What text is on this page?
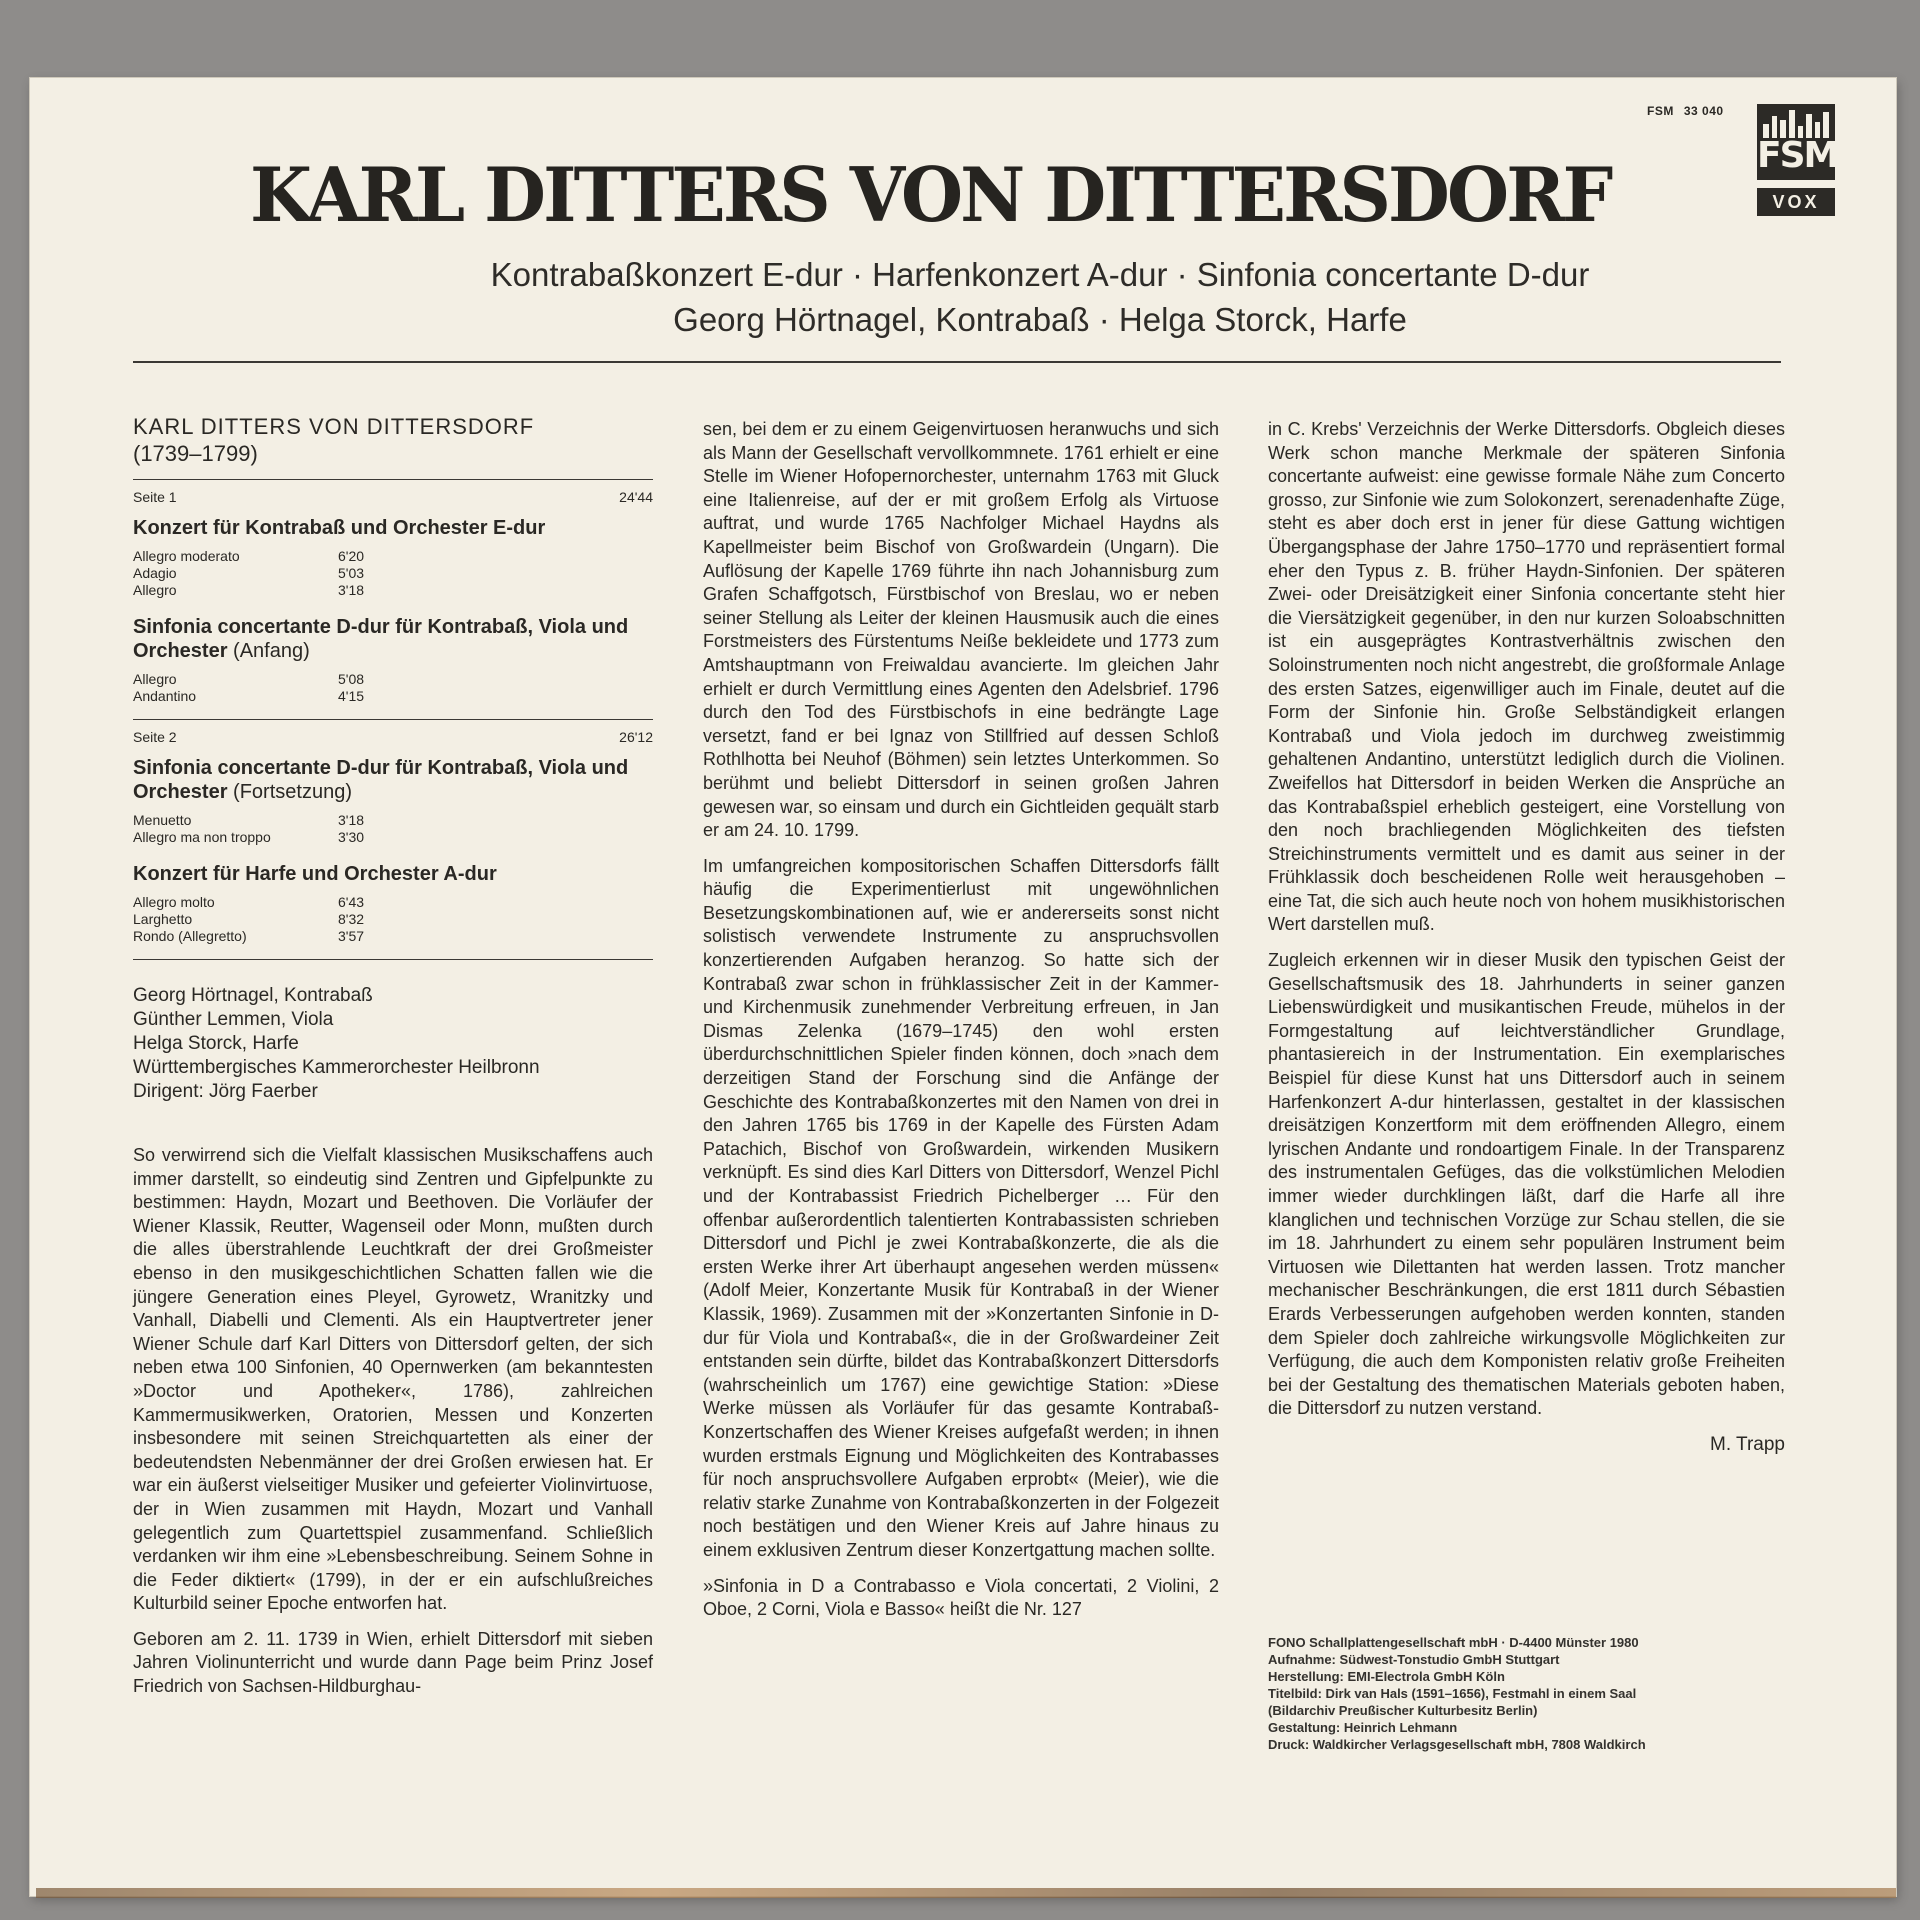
FSM 33 040
FSM
VOX
KARL DITTERS VON DITTERSDORF
Kontrabaßkonzert E-dur · Harfenkonzert A-dur · Sinfonia concertante D-dur
Georg Hörtnagel, Kontrabaß · Helga Storck, Harfe

KARL DITTERS VON DITTERSDORF

(1739–1799)

Seite 1	24'44
Konzert für Kontrabaß und Orchester E-dur
Allegro moderato	6'20
Adagio	5'03
Allegro	3'18
Sinfonia concertante D-dur für Kontrabaß, Viola und Orchester (Anfang)
Allegro	5'08
Andantino	4'15
Seite 2	26'12
Sinfonia concertante D-dur für Kontrabaß, Viola und Orchester (Fortsetzung)
Menuetto	3'18
Allegro ma non troppo	3'30
Konzert für Harfe und Orchester A-dur
Allegro molto	6'43
Larghetto	8'32
Rondo (Allegretto)	3'57
Georg Hörtnagel, Kontrabaß
Günther Lemmen, Viola
Helga Storck, Harfe
Württembergisches Kammerorchester Heilbronn
Dirigent: Jörg Faerber

So verwirrend sich die Vielfalt klassischen Musikschaffens auch immer darstellt, so eindeutig sind Zentren und Gipfelpunkte zu bestimmen: Haydn, Mozart und Beethoven. Die Vorläufer der Wiener Klassik, Reutter, Wagenseil oder Monn, mußten durch die alles überstrahlende Leuchtkraft der drei Großmeister ebenso in den musikgeschichtlichen Schatten fallen wie die jüngere Generation eines Pleyel, Gyrowetz, Wranitzky und Vanhall, Diabelli und Clementi. Als ein Hauptvertreter jener Wiener Schule darf Karl Ditters von Dittersdorf gelten, der sich neben etwa 100 Sinfonien, 40 Opernwerken (am bekanntesten »Doctor und Apotheker«, 1786), zahlreichen Kammermusikwerken, Oratorien, Messen und Konzerten insbesondere mit seinen Streichquartetten als einer der bedeutendsten Nebenmänner der drei Großen erwiesen hat. Er war ein äußerst vielseitiger Musiker und gefeierter Violinvirtuose, der in Wien zusammen mit Haydn, Mozart und Vanhall gelegentlich zum Quartettspiel zusammenfand. Schließlich verdanken wir ihm eine »Lebensbeschreibung. Seinem Sohne in die Feder diktiert« (1799), in der er ein aufschlußreiches Kulturbild seiner Epoche entworfen hat.

Geboren am 2. 11. 1739 in Wien, erhielt Dittersdorf mit sieben Jahren Violinunterricht und wurde dann Page beim Prinz Josef Friedrich von Sachsen-Hildburghau-

sen, bei dem er zu einem Geigenvirtuosen heranwuchs und sich als Mann der Gesellschaft vervollkommnete. 1761 erhielt er eine Stelle im Wiener Hofopernorchester, unternahm 1763 mit Gluck eine Italienreise, auf der er mit großem Erfolg als Virtuose auftrat, und wurde 1765 Nachfolger Michael Haydns als Kapellmeister beim Bischof von Großwardein (Ungarn). Die Auflösung der Kapelle 1769 führte ihn nach Johannisburg zum Grafen Schaffgotsch, Fürstbischof von Breslau, wo er neben seiner Stellung als Leiter der kleinen Hausmusik auch die eines Forstmeisters des Fürstentums Neiße bekleidete und 1773 zum Amtshauptmann von Freiwaldau avancierte. Im gleichen Jahr erhielt er durch Vermittlung eines Agenten den Adelsbrief. 1796 durch den Tod des Fürstbischofs in eine bedrängte Lage versetzt, fand er bei Ignaz von Stillfried auf dessen Schloß Rothlhotta bei Neuhof (Böhmen) sein letztes Unterkommen. So berühmt und beliebt Dittersdorf in seinen großen Jahren gewesen war, so einsam und durch ein Gichtleiden gequält starb er am 24. 10. 1799.

Im umfangreichen kompositorischen Schaffen Dittersdorfs fällt häufig die Experimentierlust mit ungewöhnlichen Besetzungskombinationen auf, wie er andererseits sonst nicht solistisch verwendete Instrumente zu anspruchsvollen konzertierenden Aufgaben heranzog. So hatte sich der Kontrabaß zwar schon in frühklassischer Zeit in der Kammer- und Kirchenmusik zunehmender Verbreitung erfreuen, in Jan Dismas Zelenka (1679–1745) den wohl ersten überdurchschnittlichen Spieler finden können, doch »nach dem derzeitigen Stand der Forschung sind die Anfänge der Geschichte des Kontrabaßkonzertes mit den Namen von drei in den Jahren 1765 bis 1769 in der Kapelle des Fürsten Adam Patachich, Bischof von Großwardein, wirkenden Musikern verknüpft. Es sind dies Karl Ditters von Dittersdorf, Wenzel Pichl und der Kontrabassist Friedrich Pichelberger … Für den offenbar außerordentlich talentierten Kontrabassisten schrieben Dittersdorf und Pichl je zwei Kontrabaßkonzerte, die als die ersten Werke ihrer Art überhaupt angesehen werden müssen« (Adolf Meier, Konzertante Musik für Kontrabaß in der Wiener Klassik, 1969). Zusammen mit der »Konzertanten Sinfonie in D-dur für Viola und Kontrabaß«, die in der Großwardeiner Zeit entstanden sein dürfte, bildet das Kontrabaßkonzert Dittersdorfs (wahrscheinlich um 1767) eine gewichtige Station: »Diese Werke müssen als Vorläufer für das gesamte Kontrabaß-Konzertschaffen des Wiener Kreises aufgefaßt werden; in ihnen wurden erstmals Eignung und Möglichkeiten des Kontrabasses für noch anspruchsvollere Aufgaben erprobt« (Meier), wie die relativ starke Zunahme von Kontrabaßkonzerten in der Folgezeit noch bestätigen und den Wiener Kreis auf Jahre hinaus zu einem exklusiven Zentrum dieser Konzertgattung machen sollte.

»Sinfonia in D a Contrabasso e Viola concertati, 2 Violini, 2 Oboe, 2 Corni, Viola e Basso« heißt die Nr. 127

in C. Krebs' Verzeichnis der Werke Dittersdorfs. Obgleich dieses Werk schon manche Merkmale der späteren Sinfonia concertante aufweist: eine gewisse formale Nähe zum Concerto grosso, zur Sinfonie wie zum Solokonzert, serenadenhafte Züge, steht es aber doch erst in jener für diese Gattung wichtigen Übergangsphase der Jahre 1750–1770 und repräsentiert formal eher den Typus z. B. früher Haydn-Sinfonien. Der späteren Zwei- oder Dreisätzigkeit einer Sinfonia concertante steht hier die Viersätzigkeit gegenüber, in den nur kurzen Soloabschnitten ist ein ausgeprägtes Kontrastverhältnis zwischen den Soloinstrumenten noch nicht angestrebt, die großformale Anlage des ersten Satzes, eigenwilliger auch im Finale, deutet auf die Form der Sinfonie hin. Große Selbständigkeit erlangen Kontrabaß und Viola jedoch im durchweg zweistimmig gehaltenen Andantino, unterstützt lediglich durch die Violinen. Zweifellos hat Dittersdorf in beiden Werken die Ansprüche an das Kontrabaßspiel erheblich gesteigert, eine Vorstellung von den noch brachliegenden Möglichkeiten des tiefsten Streichinstruments vermittelt und es damit aus seiner in der Frühklassik doch bescheidenen Rolle weit herausgehoben – eine Tat, die sich auch heute noch von hohem musikhistorischen Wert darstellen muß.

Zugleich erkennen wir in dieser Musik den typischen Geist der Gesellschaftsmusik des 18. Jahrhunderts in seiner ganzen Liebenswürdigkeit und musikantischen Freude, mühelos in der Formgestaltung auf leichtverständlicher Grundlage, phantasiereich in der Instrumentation. Ein exemplarisches Beispiel für diese Kunst hat uns Dittersdorf auch in seinem Harfenkonzert A-dur hinterlassen, gestaltet in der klassischen dreisätzigen Konzertform mit dem eröffnenden Allegro, einem lyrischen Andante und rondoartigem Finale. In der Transparenz des instrumentalen Gefüges, das die volkstümlichen Melodien immer wieder durchklingen läßt, darf die Harfe all ihre klanglichen und technischen Vorzüge zur Schau stellen, die sie im 18. Jahrhundert zu einem sehr populären Instrument beim Virtuosen wie Dilettanten hat werden lassen. Trotz mancher mechanischer Beschränkungen, die erst 1811 durch Sébastien Erards Verbesserungen aufgehoben werden konnten, standen dem Spieler doch zahlreiche wirkungsvolle Möglichkeiten zur Verfügung, die auch dem Komponisten relativ große Freiheiten bei der Gestaltung des thematischen Materials geboten haben, die Dittersdorf zu nutzen verstand.

M. Trapp

FONO Schallplattengesellschaft mbH · D-4400 Münster 1980
Aufnahme: Südwest-Tonstudio GmbH Stuttgart
Herstellung: EMI-Electrola GmbH Köln
Titelbild: Dirk van Hals (1591–1656), Festmahl in einem Saal
(Bildarchiv Preußischer Kulturbesitz Berlin)
Gestaltung: Heinrich Lehmann
Druck: Waldkircher Verlagsgesellschaft mbH, 7808 Waldkirch
